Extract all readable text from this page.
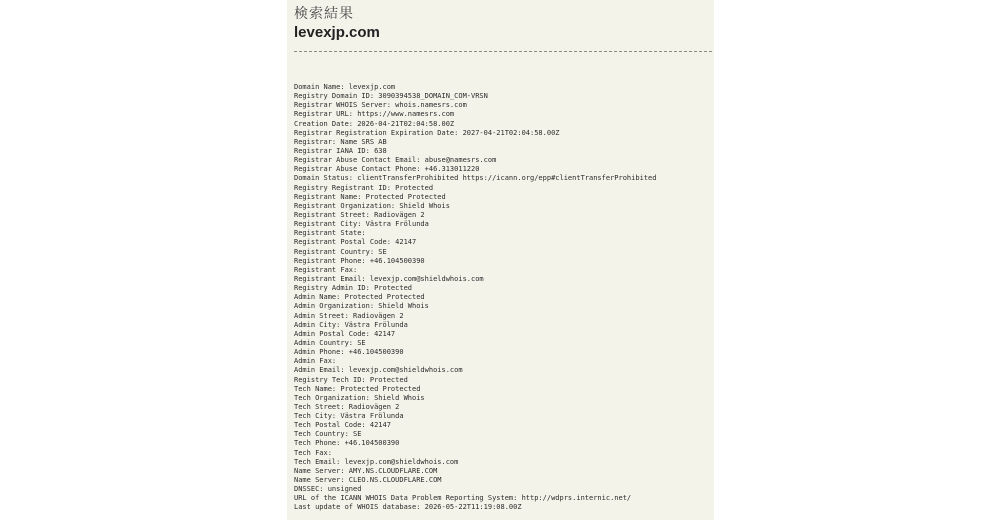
検索結果
levexjp.com
Domain Name: levexjp.com
Registry Domain ID: 3090394538_DOMAIN_COM-VRSN
Registrar WHOIS Server: whois.namesrs.com
Registrar URL: https://www.namesrs.com
Creation Date: 2026-04-21T02:04:58.00Z
Registrar Registration Expiration Date: 2027-04-21T02:04:58.00Z
Registrar: Name SRS AB
Registrar IANA ID: 638
Registrar Abuse Contact Email: abuse@namesrs.com
Registrar Abuse Contact Phone: +46.313011220
Domain Status: clientTransferProhibited https://icann.org/epp#clientTransferProhibited
Registry Registrant ID: Protected
Registrant Name: Protected Protected
Registrant Organization: Shield Whois
Registrant Street: Radiovägen 2
Registrant City: Västra Frölunda
Registrant State:
Registrant Postal Code: 42147
Registrant Country: SE
Registrant Phone: +46.104500390
Registrant Fax:
Registrant Email: levexjp.com@shieldwhois.com
Registry Admin ID: Protected
Admin Name: Protected Protected
Admin Organization: Shield Whois
Admin Street: Radiovägen 2
Admin City: Västra Frölunda
Admin Postal Code: 42147
Admin Country: SE
Admin Phone: +46.104500390
Admin Fax:
Admin Email: levexjp.com@shieldwhois.com
Registry Tech ID: Protected
Tech Name: Protected Protected
Tech Organization: Shield Whois
Tech Street: Radiovägen 2
Tech City: Västra Frölunda
Tech Postal Code: 42147
Tech Country: SE
Tech Phone: +46.104500390
Tech Fax:
Tech Email: levexjp.com@shieldwhois.com
Name Server: AMY.NS.CLOUDFLARE.COM
Name Server: CLEO.NS.CLOUDFLARE.COM
DNSSEC: unsigned
URL of the ICANN WHOIS Data Problem Reporting System: http://wdprs.internic.net/
Last update of WHOIS database: 2026-05-22T11:19:08.00Z
